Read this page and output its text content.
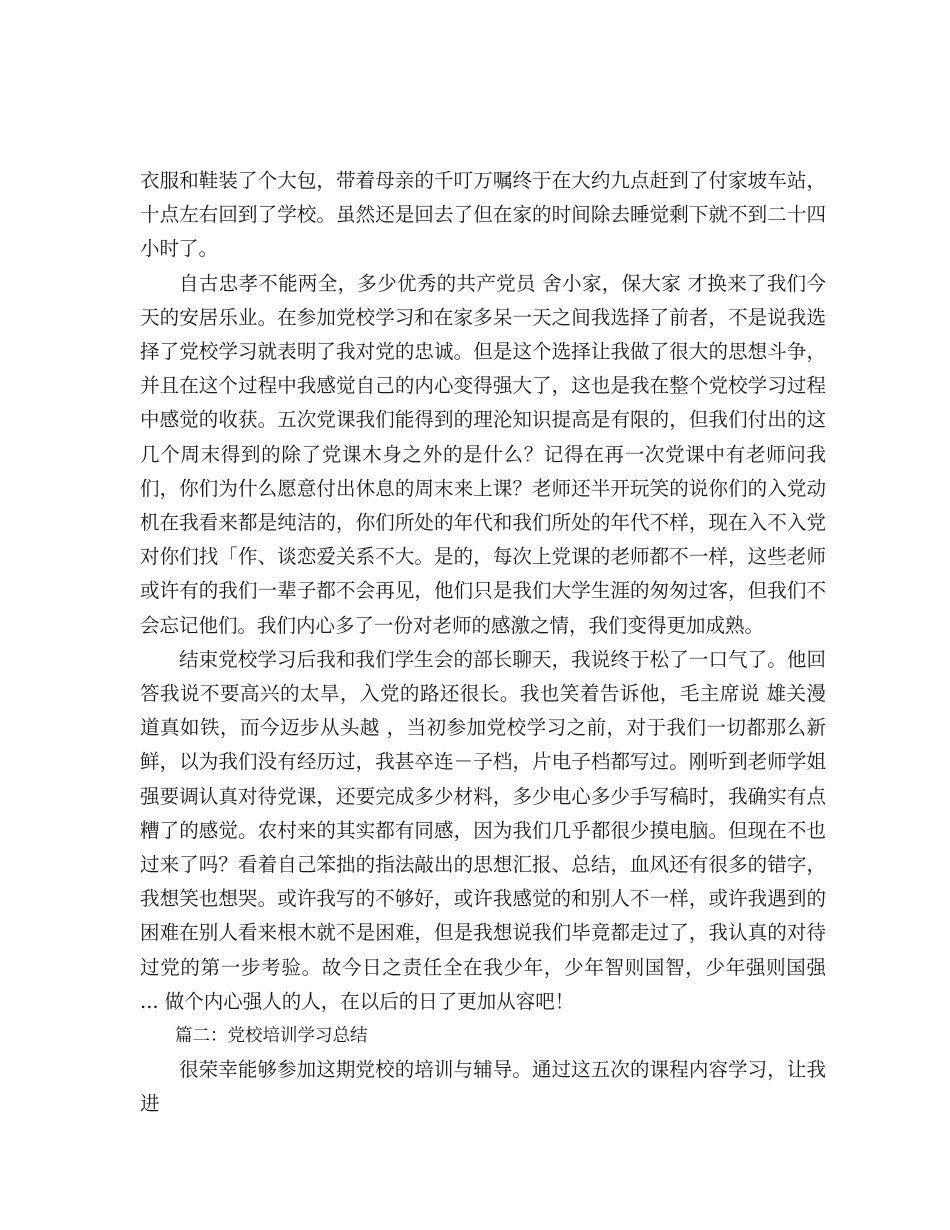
衣服和鞋装了个大包，带着母亲的千叮万嘱终于在大约九点赶到了付家坡车站，十点左右回到了学校。虽然还是回去了但在家的时间除去睡觉剩下就不到二十四小时了。

自古忠孝不能两全，多少优秀的共产党员 舍小家，保大家 才换来了我们今天的安居乐业。在参加党校学习和在家多呆一天之间我选择了前者，不是说我选择了党校学习就表明了我对党的忠诚。但是这个选择让我做了很大的思想斗争，并且在这个过程中我感觉自己的内心变得强大了，这也是我在整个党校学习过程中感觉的收获。五次党课我们能得到的理沦知识提高是有限的，但我们付出的这几个周末得到的除了党课木身之外的是什么？记得在再一次党课中有老师问我们，你们为什么愿意付出休息的周末来上课？老师还半开玩笑的说你们的入党动机在我看来都是纯洁的，你们所处的年代和我们所处的年代不样，现在入不入党对你们找「作、谈恋爱关系不大。是的，每次上党课的老师都不一样，这些老师或许有的我们一辈子都不会再见，他们只是我们大学生涯的匆匆过客，但我们不会忘记他们。我们内心多了一份对老师的感激之情，我们变得更加成熟。

结束党校学习后我和我们学生会的部长聊天，我说终于松了一口气了。他回答我说不要高兴的太旱，入党的路还很长。我也笑着告诉他，毛主席说 雄关漫道真如铁，而今迈步从头越 ，当初参加党校学习之前，对于我们一切都那么新鲜，以为我们没有经历过，我甚卒连－子档，片电子档都写过。刚听到老师学姐强要调认真对待党课，还要完成多少材料，多少电心多少手写稿时，我确实有点糟了的感觉。农村来的其实都有同感，因为我们几乎都很少摸电脑。但现在不也过来了吗？看着自己笨拙的指法敲出的思想汇报、总结，血风还有很多的错字，我想笑也想哭。或许我写的不够好，或许我感觉的和别人不一样，或许我遇到的困难在别人看来根木就不是困难，但是我想说我们毕竟都走过了，我认真的对待过党的第一步考验。故今日之责任全在我少年，少年智则国智，少年强则国强 ... 做个内心强人的人，在以后的日了更加从容吧！

篇二：党校培训学习总结

很荣幸能够参加这期党校的培训与辅导。通过这五次的课程内容学习，让我进
